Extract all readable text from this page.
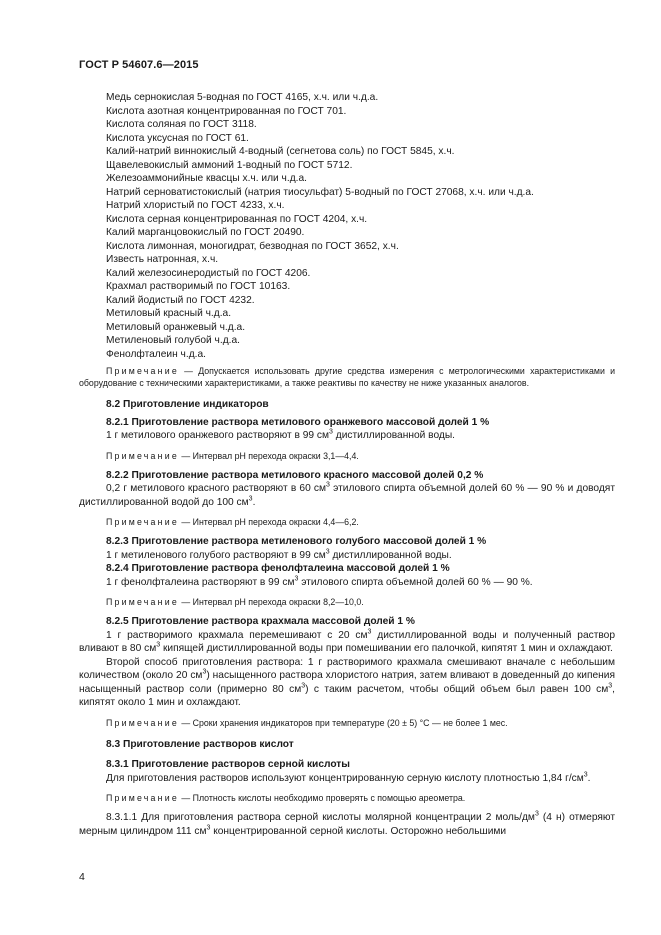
ГОСТ Р 54607.6—2015

Медь сернокислая 5-водная по ГОСТ 4165, х.ч. или ч.д.а.

Кислота азотная концентрированная по ГОСТ 701.

Кислота соляная по ГОСТ 3118.

Кислота уксусная по ГОСТ 61.

Калий-натрий виннокислый 4-водный (сегнетова соль) по ГОСТ 5845, х.ч.

Щавелевокислый аммоний 1-водный по ГОСТ 5712.

Железоаммонийные квасцы х.ч. или ч.д.а.

Натрий серноватистокислый (натрия тиосульфат) 5-водный по ГОСТ 27068, х.ч. или ч.д.а.

Натрий хлористый по ГОСТ 4233, х.ч.

Кислота серная концентрированная по ГОСТ 4204, х.ч.

Калий марганцовокислый по ГОСТ 20490.

Кислота лимонная, моногидрат, безводная по ГОСТ 3652, х.ч.

Известь натронная, х.ч.

Калий железосинеродистый по ГОСТ 4206.

Крахмал растворимый по ГОСТ 10163.

Калий йодистый по ГОСТ 4232.

Метиловый красный ч.д.а.

Метиловый оранжевый ч.д.а.

Метиленовый голубой ч.д.а.

Фенолфталеин ч.д.а.

Примечание — Допускается использовать другие средства измерения с метрологическими характеристиками и оборудование с техническими характеристиками, а также реактивы по качеству не ниже указанных аналогов.

8.2 Приготовление индикаторов

8.2.1 Приготовление раствора метилового оранжевого массовой долей 1 %

1 г метилового оранжевого растворяют в 99 $см^3$ дистиллированной воды.

Примечание — Интервал pH перехода окраски 3,1—4,4.

8.2.2 Приготовление раствора метилового красного массовой долей 0,2 %

0,2 г метилового красного растворяют в 60 $см^3$ этилового спирта объемной долей 60 % — 90 % и доводят дистиллированной водой до 100 $см^3$.

Примечание — Интервал pH перехода окраски 4,4—6,2.

8.2.3 Приготовление раствора метиленового голубого массовой долей 1 %

1 г метиленового голубого растворяют в 99 $см^3$ дистиллированной воды.

8.2.4 Приготовление раствора фенолфталеина массовой долей 1 %

1 г фенолфталеина растворяют в 99 $см^3$ этилового спирта объемной долей 60 % — 90 %.

Примечание — Интервал pH перехода окраски 8,2—10,0.

8.2.5 Приготовление раствора крахмала массовой долей 1 %

1 г растворимого крахмала перемешивают с 20 $см^3$ дистиллированной воды и полученный раствор вливают в 80 $см^3$ кипящей дистиллированной воды при помешивании его палочкой, кипятят 1 мин и охлаждают.

Второй способ приготовления раствора: 1 г растворимого крахмала смешивают вначале с небольшим количеством (около 20 $см^3$) насыщенного раствора хлористого натрия, затем вливают в доведенный до кипения насыщенный раствор соли (примерно 80 $см^3$) с таким расчетом, чтобы общий объем был равен 100 $см^3$, кипятят около 1 мин и охлаждают.

Примечание — Сроки хранения индикаторов при температуре (20 ± 5) °С — не более 1 мес.

8.3 Приготовление растворов кислот

8.3.1 Приготовление растворов серной кислоты

Для приготовления растворов используют концентрированную серную кислоту плотностью 1,84 $г/см^3$.

Примечание — Плотность кислоты необходимо проверять с помощью ареометра.

8.3.1.1 Для приготовления раствора серной кислоты молярной концентрации 2 моль/$дм^3$ (4 н) отмеряют мерным цилиндром 111 $см^3$ концентрированной серной кислоты. Осторожно небольшими

4
